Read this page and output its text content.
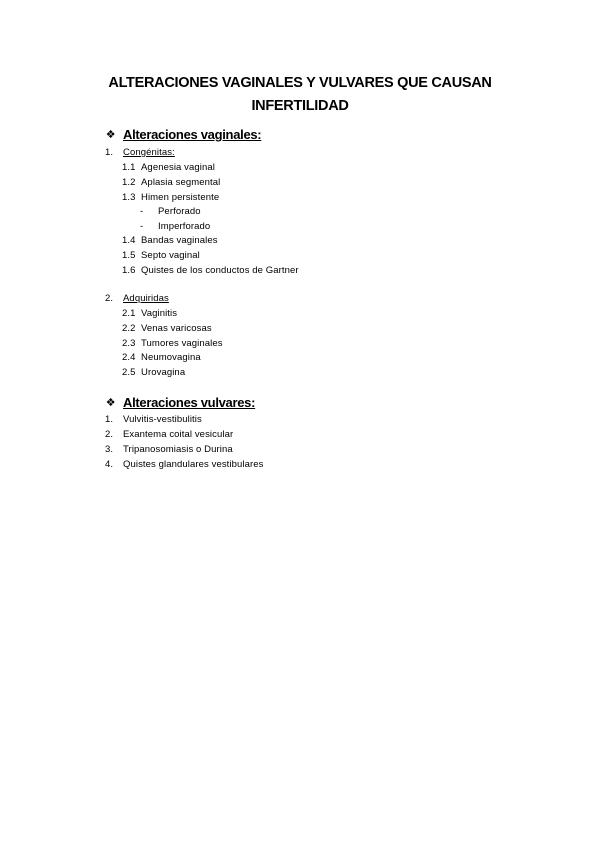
ALTERACIONES VAGINALES Y VULVARES QUE CAUSAN
INFERTILIDAD
❖ Alteraciones vaginales:
1. Congénitas:
1.1 Agenesia vaginal
1.2 Aplasia segmental
1.3 Himen persistente
- Perforado
- Imperforado
1.4 Bandas vaginales
1.5 Septo vaginal
1.6 Quistes de los conductos de Gartner
2. Adquiridas
2.1 Vaginitis
2.2 Venas varicosas
2.3 Tumores vaginales
2.4 Neumovagina
2.5 Urovagina
❖ Alteraciones vulvares:
1. Vulvitis-vestibulitis
2. Exantema coital vesicular
3. Tripanosomiasis o Durina
4. Quistes glandulares vestibulares
